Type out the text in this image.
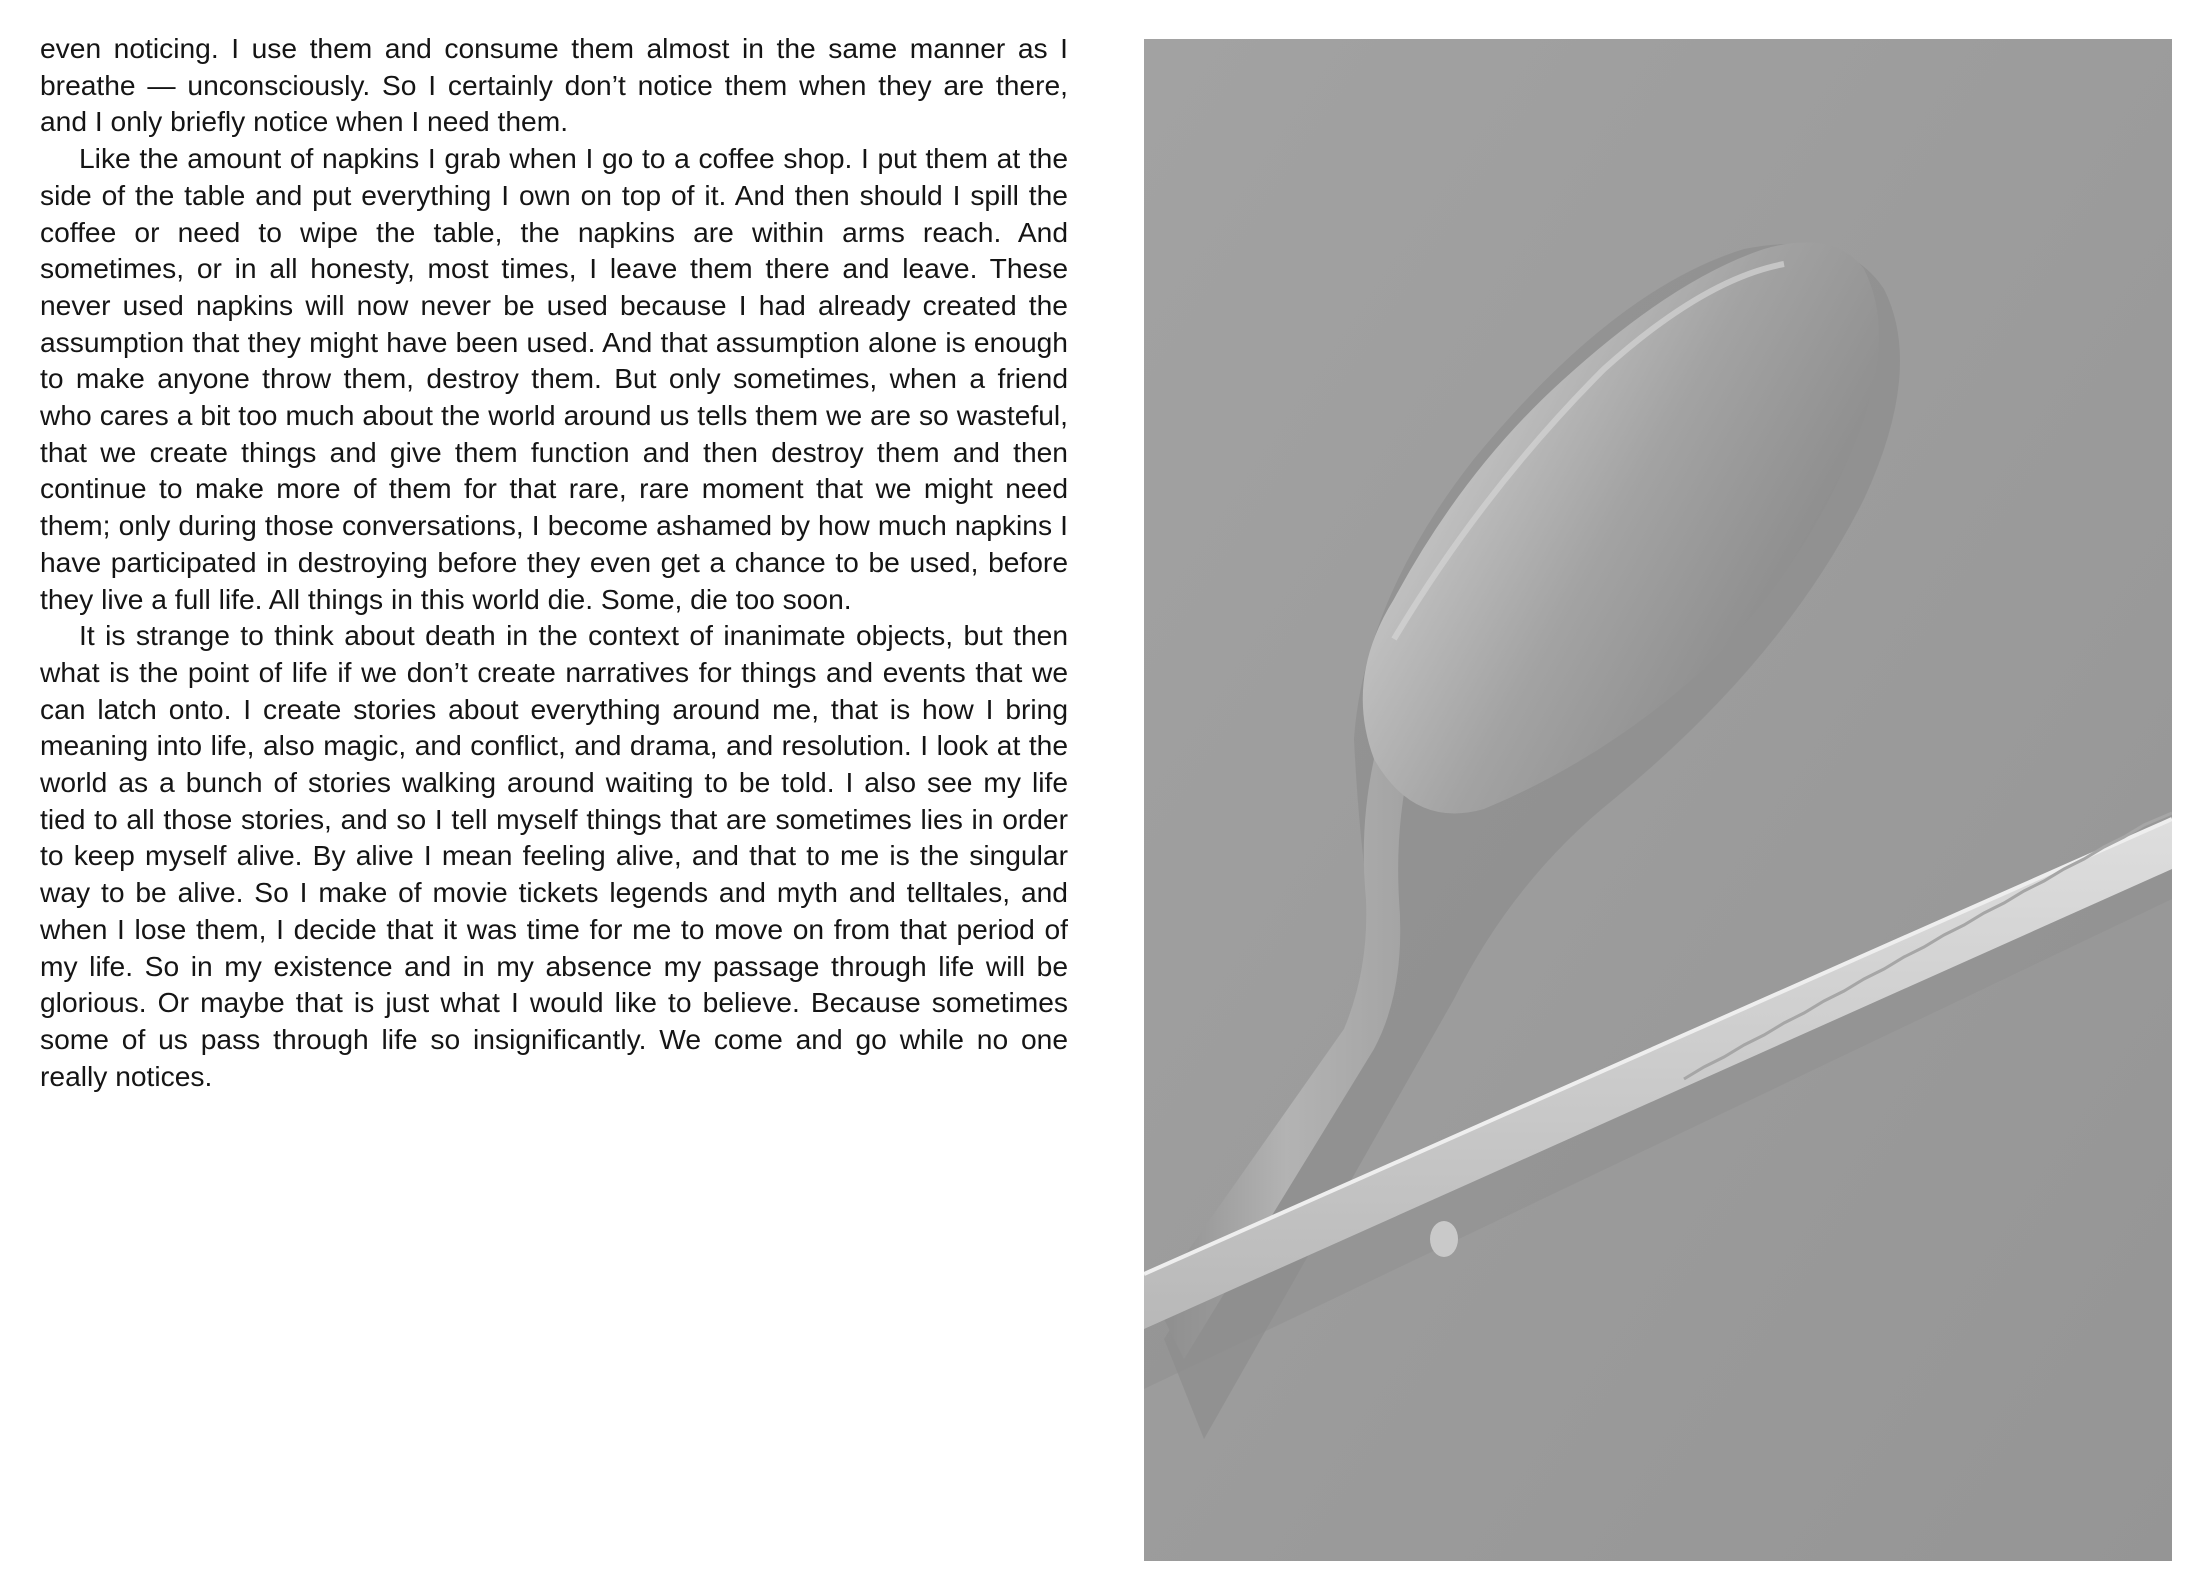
even noticing. I use them and consume them almost in the same manner as I breathe — unconsciously. So I certainly don’t notice them when they are there, and I only briefly notice when I need them.

Like the amount of napkins I grab when I go to a coffee shop. I put them at the side of the table and put everything I own on top of it. And then should I spill the coffee or need to wipe the table, the napkins are within arms reach. And sometimes, or in all honesty, most times, I leave them there and leave. These never used napkins will now never be used because I had already created the assumption that they might have been used. And that assumption alone is enough to make anyone throw them, destroy them. But only sometimes, when a friend who cares a bit too much about the world around us tells them we are so wasteful, that we create things and give them function and then destroy them and then continue to make more of them for that rare, rare moment that we might need them; only during those conversations, I become ashamed by how much napkins I have participated in destroying before they even get a chance to be used, before they live a full life. All things in this world die. Some, die too soon.

It is strange to think about death in the context of inanimate objects, but then what is the point of life if we don’t create narratives for things and events that we can latch onto. I create stories about everything around me, that is how I bring meaning into life, also magic, and conflict, and drama, and resolution. I look at the world as a bunch of stories walking around waiting to be told. I also see my life tied to all those stories, and so I tell myself things that are sometimes lies in order to keep myself alive. By alive I mean feeling alive, and that to me is the singular way to be alive. So I make of movie tickets legends and myth and telltales, and when I lose them, I decide that it was time for me to move on from that period of my life. So in my existence and in my absence my passage through life will be glorious. Or maybe that is just what I would like to believe. Because sometimes some of us pass through life so insignificantly. We come and go while no one really notices.
